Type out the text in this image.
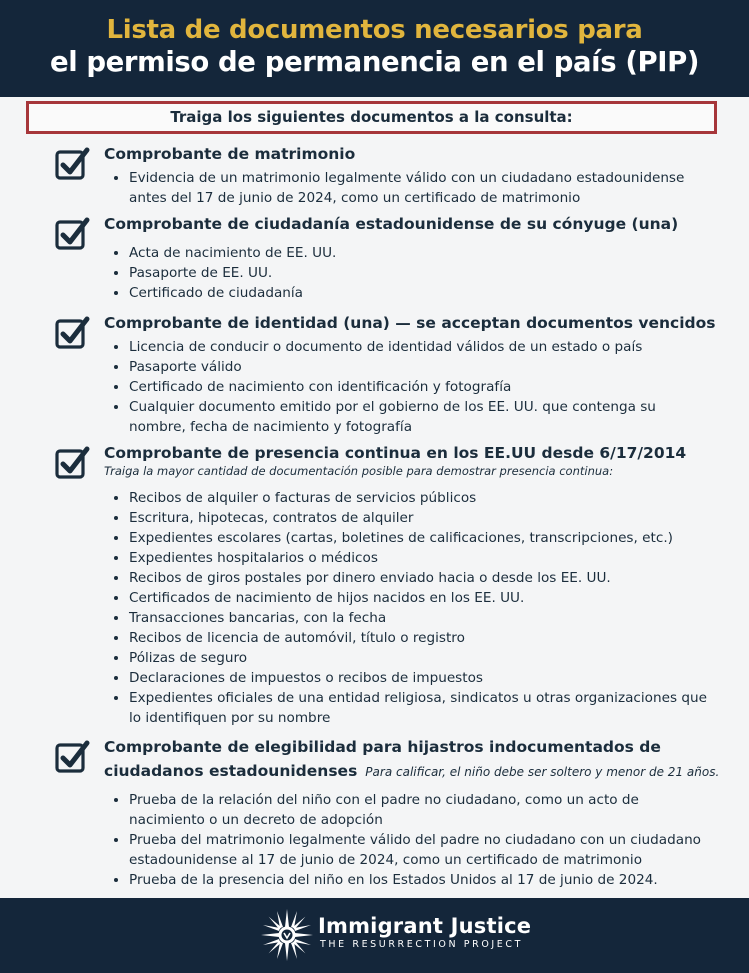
Lista de documentos necesarios para
el permiso de permanencia en el país (PIP)
Traiga los siguientes documentos a la consulta:
Comprobante de matrimonio
• Evidencia de un matrimonio legalmente válido con un ciudadano estadounidense
antes del 17 de junio de 2024, como un certificado de matrimonio
Comprobante de ciudadanía estadounidense de su cónyuge (una)
• Acta de nacimiento de EE. UU.
• Pasaporte de EE. UU.
• Certificado de ciudadanía
Comprobante de identidad (una) — se acceptan documentos vencidos
• Licencia de conducir o documento de identidad válidos de un estado o país
• Pasaporte válido
• Certificado de nacimiento con identificación y fotografía
• Cualquier documento emitido por el gobierno de los EE. UU. que contenga su
nombre, fecha de nacimiento y fotografía
Comprobante de presencia continua en los EE.UU desde 6/17/2014
Traiga la mayor cantidad de documentación posible para demostrar presencia continua:
• Recibos de alquiler o facturas de servicios públicos
• Escritura, hipotecas, contratos de alquiler
• Expedientes escolares (cartas, boletines de calificaciones, transcripciones, etc.)
• Expedientes hospitalarios o médicos
• Recibos de giros postales por dinero enviado hacia o desde los EE. UU.
• Certificados de nacimiento de hijos nacidos en los EE. UU.
• Transacciones bancarias, con la fecha
• Recibos de licencia de automóvil, título o registro
• Pólizas de seguro
• Declaraciones de impuestos o recibos de impuestos
• Expedientes oficiales de una entidad religiosa, sindicatos u otras organizaciones que
lo identifiquen por su nombre
Comprobante de elegibilidad para hijastros indocumentados de
ciudadanos estadounidenses Para calificar, el niño debe ser soltero y menor de 21 años.
• Prueba de la relación del niño con el padre no ciudadano, como un acto de
nacimiento o un decreto de adopción
• Prueba del matrimonio legalmente válido del padre no ciudadano con un ciudadano
estadounidense al 17 de junio de 2024, como un certificado de matrimonio
• Prueba de la presencia del niño en los Estados Unidos al 17 de junio de 2024.
Immigrant Justice
THE RESURRECTION PROJECT
